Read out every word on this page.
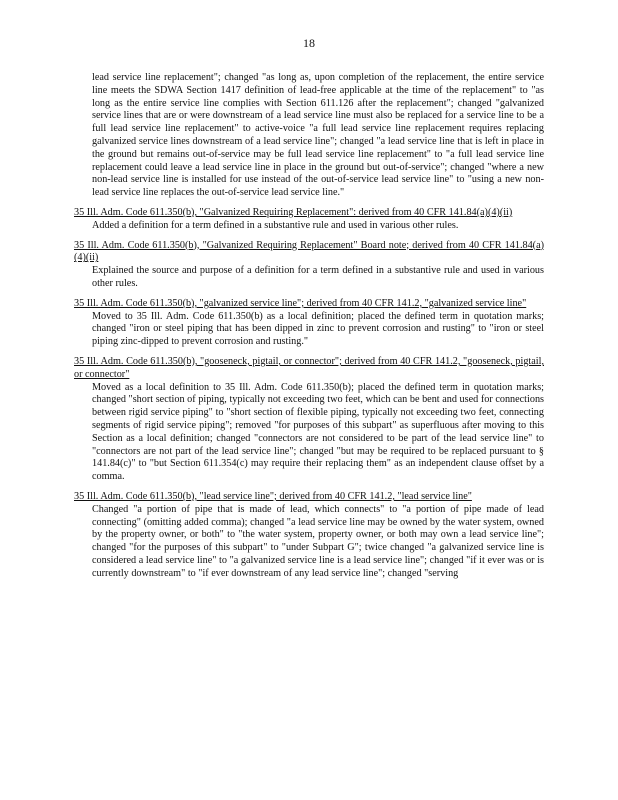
18
lead service line replacement"; changed "as long as, upon completion of the replacement, the entire service line meets the SDWA Section 1417 definition of lead-free applicable at the time of the replacement" to "as long as the entire service line complies with Section 611.126 after the replacement"; changed "galvanized service lines that are or were downstream of a lead service line must also be replaced for a service line to be a full lead service line replacement" to active-voice "a full lead service line replacement requires replacing galvanized service lines downstream of a lead service line"; changed "a lead service line that is left in place in the ground but remains out-of-service may be full lead service line replacement" to "a full lead service line replacement could leave a lead service line in place in the ground but out-of-service"; changed "where a new non-lead service line is installed for use instead of the out-of-service lead service line" to "using a new non-lead service line replaces the out-of-service lead service line."
35 Ill. Adm. Code 611.350(b), "Galvanized Requiring Replacement": derived from 40 CFR 141.84(a)(4)(ii)
Added a definition for a term defined in a substantive rule and used in various other rules.
35 Ill. Adm. Code 611.350(b), "Galvanized Requiring Replacement" Board note; derived from 40 CFR 141.84(a)(4)(ii)
Explained the source and purpose of a definition for a term defined in a substantive rule and used in various other rules.
35 Ill. Adm. Code 611.350(b), "galvanized service line"; derived from 40 CFR 141.2, "galvanized service line"
Moved to 35 Ill. Adm. Code 611.350(b) as a local definition; placed the defined term in quotation marks; changed "iron or steel piping that has been dipped in zinc to prevent corrosion and rusting" to "iron or steel piping zinc-dipped to prevent corrosion and rusting."
35 Ill. Adm. Code 611.350(b), "gooseneck, pigtail, or connector"; derived from 40 CFR 141.2, "gooseneck, pigtail, or connector"
Moved as a local definition to 35 Ill. Adm. Code 611.350(b); placed the defined term in quotation marks; changed "short section of piping, typically not exceeding two feet, which can be bent and used for connections between rigid service piping" to "short section of flexible piping, typically not exceeding two feet, connecting segments of rigid service piping"; removed "for purposes of this subpart" as superfluous after moving to this Section as a local definition; changed "connectors are not considered to be part of the lead service line" to "connectors are not part of the lead service line"; changed "but may be required to be replaced pursuant to § 141.84(c)" to "but Section 611.354(c) may require their replacing them" as an independent clause offset by a comma.
35 Ill. Adm. Code 611.350(b), "lead service line"; derived from 40 CFR 141.2, "lead service line"
Changed "a portion of pipe that is made of lead, which connects" to "a portion of pipe made of lead connecting" (omitting added comma); changed "a lead service line may be owned by the water system, owned by the property owner, or both" to "the water system, property owner, or both may own a lead service line"; changed "for the purposes of this subpart" to "under Subpart G"; twice changed "a galvanized service line is considered a lead service line" to "a galvanized service line is a lead service line"; changed "if it ever was or is currently downstream" to "if ever downstream of any lead service line"; changed "serving
